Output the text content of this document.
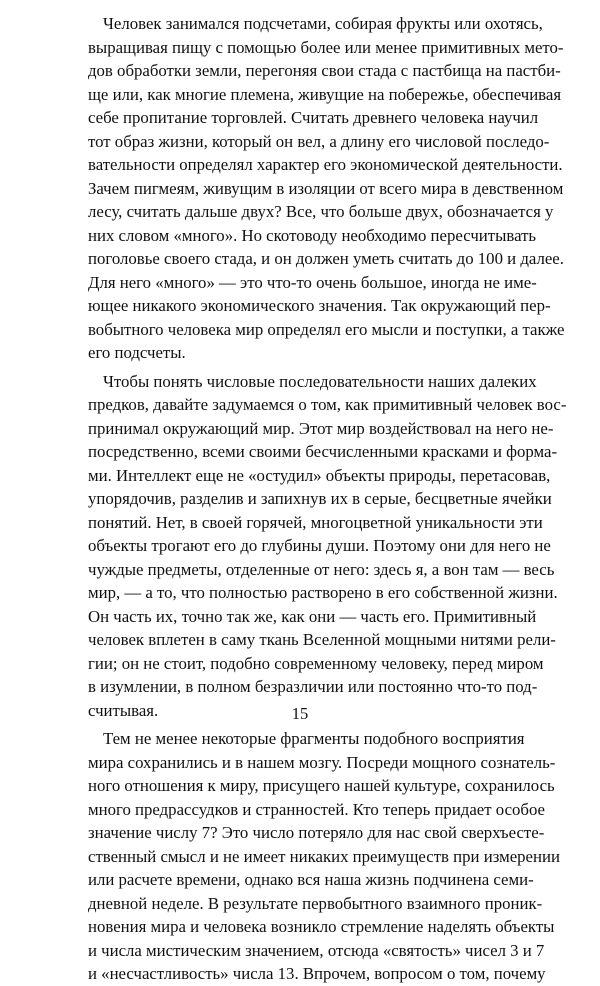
Человек занимался подсчетами, собирая фрукты или охотясь,
выращивая пищу с помощью более или менее примитивных мето-
дов обработки земли, перегоняя свои стада с пастбища на пастби-
ще или, как многие племена, живущие на побережье, обеспечивая
себе пропитание торговлей. Считать древнего человека научил
тот образ жизни, который он вел, а длину его числовой последо-
вательности определял характер его экономической деятельности.
Зачем пигмеям, живущим в изоляции от всего мира в девственном
лесу, считать дальше двух? Все, что больше двух, обозначается у
них словом «много». Но скотоводу необходимо пересчитывать
поголовье своего стада, и он должен уметь считать до 100 и далее.
Для него «много» — это что-то очень большое, иногда не име-
ющее никакого экономического значения. Так окружающий пер-
вобытного человека мир определял его мысли и поступки, а также
его подсчеты.
Чтобы понять числовые последовательности наших далеких
предков, давайте задумаемся о том, как примитивный человек вос-
принимал окружающий мир. Этот мир воздействовал на него не-
посредственно, всеми своими бесчисленными красками и форма-
ми. Интеллект еще не «остудил» объекты природы, перетасовав,
упорядочив, разделив и запихнув их в серые, бесцветные ячейки
понятий. Нет, в своей горячей, многоцветной уникальности эти
объекты трогают его до глубины души. Поэтому они для него не
чуждые предметы, отделенные от него: здесь я, а вон там — весь
мир, — а то, что полностью растворено в его собственной жизни.
Он часть их, точно так же, как они — часть его. Примитивный
человек вплетен в саму ткань Вселенной мощными нитями рели-
гии; он не стоит, подобно современному человеку, перед миром
в изумлении, в полном безразличии или постоянно что-то под-
считывая.
Тем не менее некоторые фрагменты подобного восприятия
мира сохранились и в нашем мозгу. Посреди мощного сознатель-
ного отношения к миру, присущего нашей культуре, сохранилось
много предрассудков и странностей. Кто теперь придает особое
значение числу 7? Это число потеряло для нас свой сверхъесте-
ственный смысл и не имеет никаких преимуществ при измерении
или расчете времени, однако вся наша жизнь подчинена семи-
дневной неделе. В результате первобытного взаимного проник-
новения мира и человека возникло стремление наделять объекты
и числа мистическим значением, отсюда «святость» чисел 3 и 7
и «несчастливость» числа 13. Впрочем, вопросом о том, почему
15
